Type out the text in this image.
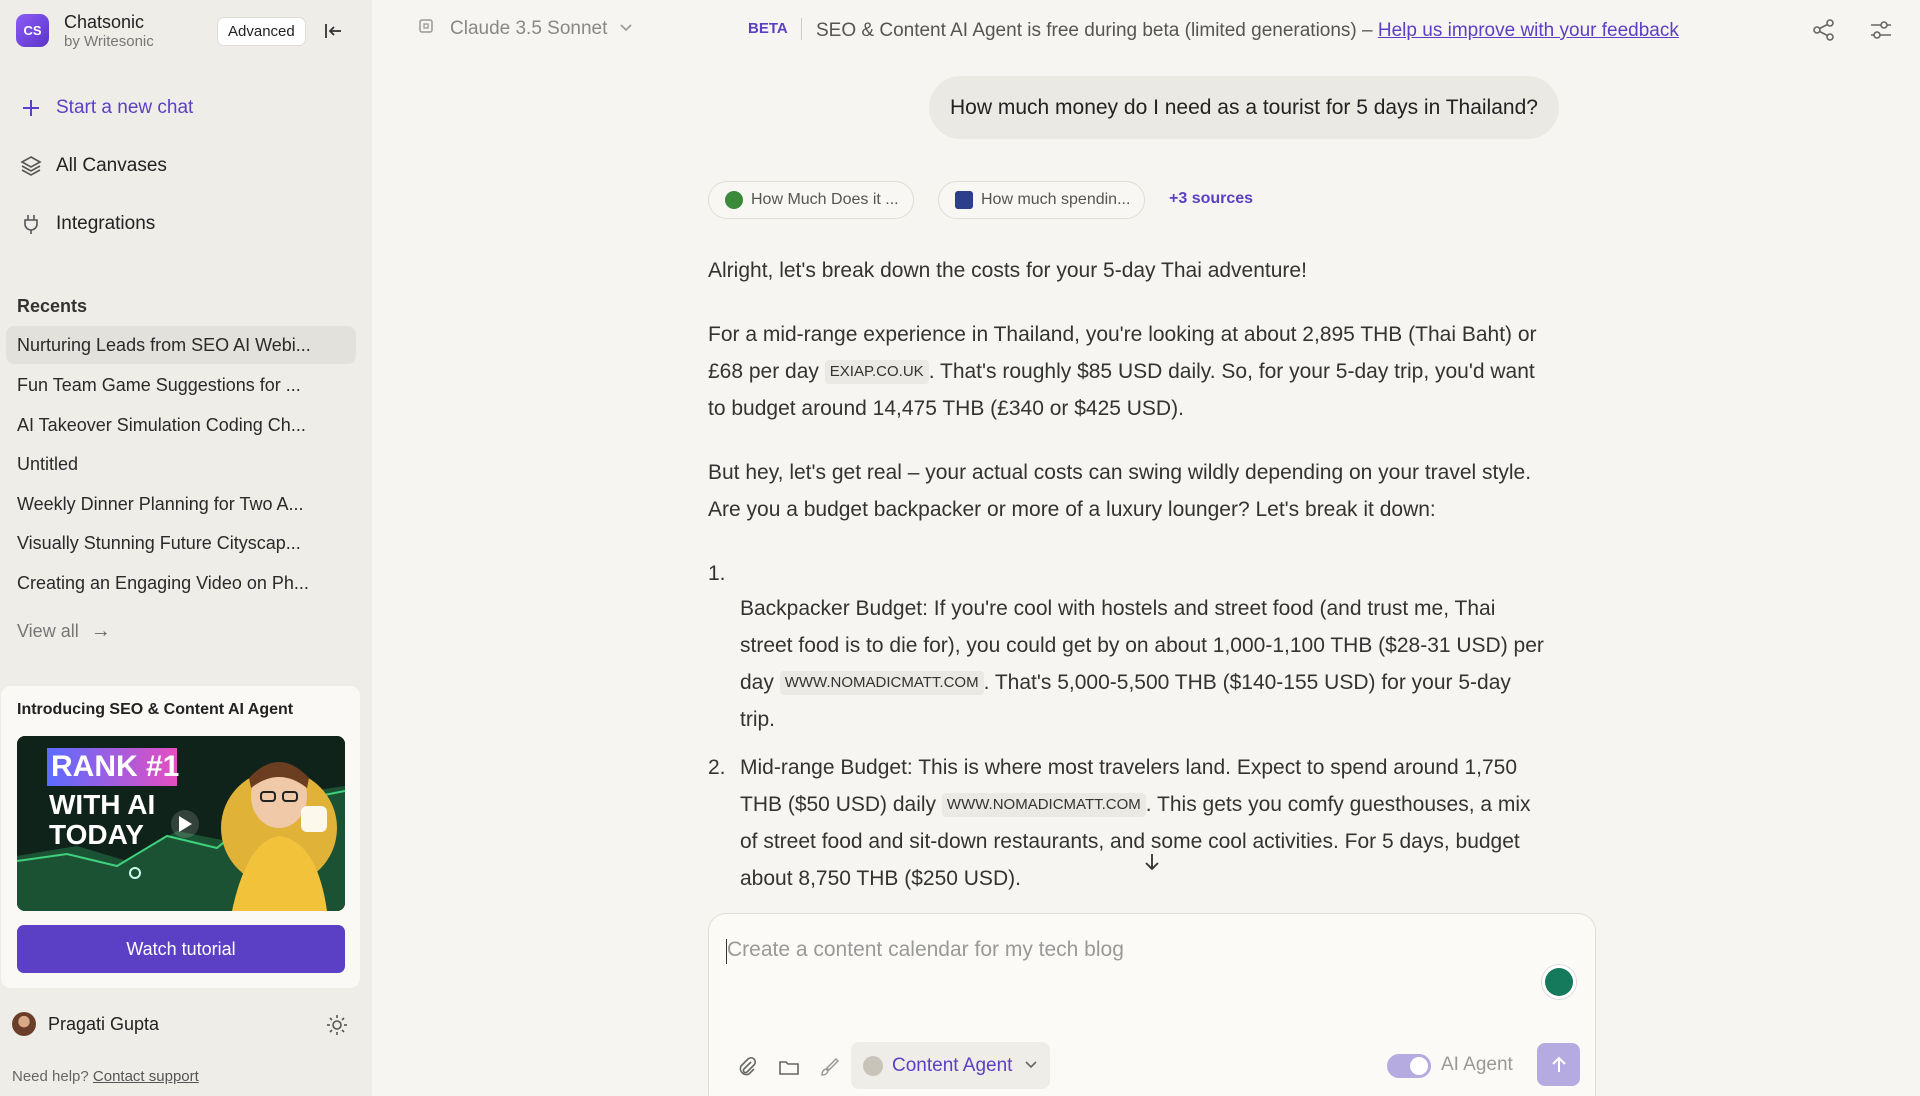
CS	Chatsonic
by Writesonic
Advanced
Start a new chat
All Canvases
Integrations
Recents
Nurturing Leads from SEO AI Webi...
Fun Team Game Suggestions for ...
AI Takeover Simulation Coding Ch...
Untitled
Weekly Dinner Planning for Two A...
Visually Stunning Future Cityscap...
Creating an Engaging Video on Ph...
View all →
Introducing SEO & Content AI Agent
RANK #1
WITH AI
TODAY
Watch tutorial
Pragati Gupta
Need help? Contact support
Claude 3.5 Sonnet	BETA SEO & Content AI Agent is free during beta (limited generations) – Help us improve with your feedback
How much money do I need as a tourist for 5 days in Thailand?
How Much Does it ...	How much spendin... +3 sources

Alright, let's break down the costs for your 5-day Thai adventure!

For a mid-range experience in Thailand, you're looking at about 2,895 THB (Thai Baht) or £68 per day EXIAP.CO.UK . That's roughly $85 USD daily. So, for your 5-day trip, you'd want to budget around 14,475 THB (£340 or $425 USD).

But hey, let's get real – your actual costs can swing wildly depending on your travel style. Are you a budget backpacker or more of a luxury lounger? Let's break it down:

1.
Backpacker Budget: If you're cool with hostels and street food (and trust me, Thai street food is to die for), you could get by on about 1,000-1,100 THB ($28-31 USD) per day WWW.NOMADICMATT.COM . That's 5,000-5,500 THB ($140-155 USD) for your 5-day trip.
2. Mid-range Budget: This is where most travelers land. Expect to spend around 1,750 THB ($50 USD) daily WWW.NOMADICMATT.COM . This gets you comfy guesthouses, a mix of street food and sit-down restaurants, and some cool activities. For 5 days, budget about 8,750 THB ($250 USD).
Create a content calendar for my tech blog
Content Agent	AI Agent
